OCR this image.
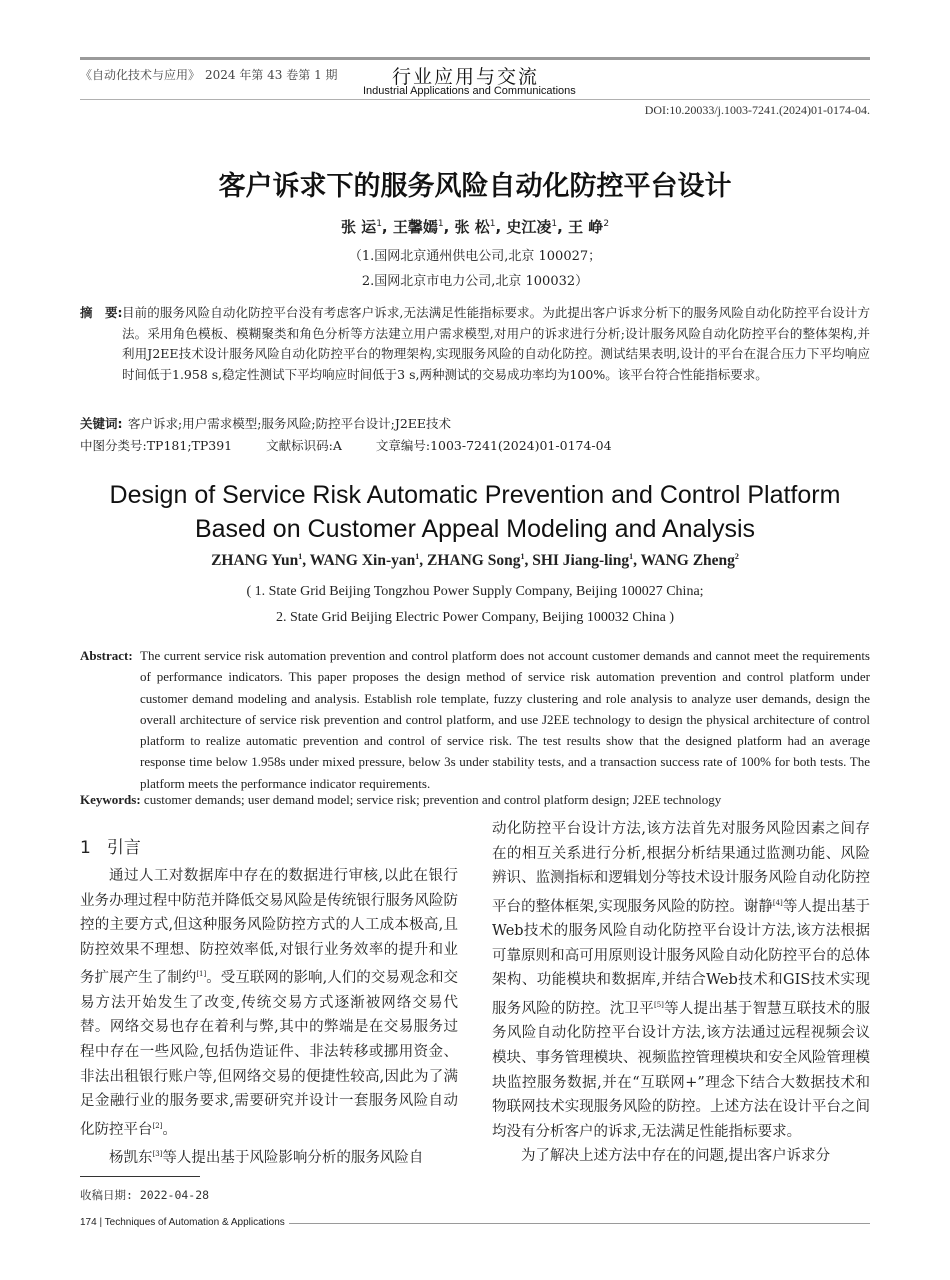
《自动化技术与应用》 2024 年第 43 卷第 1 期	行业应用与交流
Industrial Applications and Communications
DOI:10.20033/j.1003-7241.(2024)01-0174-04.
客户诉求下的服务风险自动化防控平台设计
张 运$^1$, 王馨嫣$^1$, 张 松$^1$, 史江凌$^1$, 王 峥$^2$
（1.国网北京通州供电公司,北京 100027；
2.国网北京市电力公司,北京 100032）
摘　要: 目前的服务风险自动化防控平台没有考虑客户诉求,无法满足性能指标要求。为此提出客户诉求分析下的服务风险自动化防控平台设计方法。采用角色模板、模糊聚类和角色分析等方法建立用户需求模型,对用户的诉求进行分析;设计服务风险自动化防控平台的整体架构,并利用J2EE技术设计服务风险自动化防控平台的物理架构,实现服务风险的自动化防控。测试结果表明,设计的平台在混合压力下平均响应时间低于1.958 s,稳定性测试下平均响应时间低于3 s,两种测试的交易成功率均为100%。该平台符合性能指标要求。
关键词: 客户诉求;用户需求模型;服务风险;防控平台设计;J2EE技术
中图分类号:TP181;TP391	文献标识码:A	文章编号:1003-7241(2024)01-0174-04
Design of Service Risk Automatic Prevention and Control Platform
Based on Customer Appeal Modeling and Analysis
ZHANG Yun$^1$, WANG Xin-yan$^1$, ZHANG Song$^1$, SHI Jiang-ling$^1$, WANG Zheng$^2$
( 1. State Grid Beijing Tongzhou Power Supply Company, Beijing 100027 China;
2. State Grid Beijing Electric Power Company, Beijing 100032 China )
Abstract: The current service risk automation prevention and control platform does not account customer demands and cannot meet the requirements of performance indicators. This paper proposes the design method of service risk automation prevention and control platform under customer demand modeling and analysis. Establish role template, fuzzy clustering and role analysis to analyze user demands, design the overall architecture of service risk prevention and control platform, and use J2EE technology to design the physical architecture of control platform to realize automatic prevention and control of service risk. The test results show that the designed platform had an average response time below 1.958s under mixed pressure, below 3s under stability tests, and a transaction success rate of 100% for both tests. The platform meets the performance indicator requirements.
Keywords: customer demands; user demand model; service risk; prevention and control platform design; J2EE technology
1 引言

通过人工对数据库中存在的数据进行审核,以此在银行业务办理过程中防范并降低交易风险是传统银行服务风险防控的主要方式,但这种服务风险防控方式的人工成本极高,且防控效果不理想、防控效率低,对银行业务效率的提升和业务扩展产生了制约[1]。受互联网的影响,人们的交易观念和交易方法开始发生了改变,传统交易方式逐渐被网络交易代替。网络交易也存在着利与弊,其中的弊端是在交易服务过程中存在一些风险,包括伪造证件、非法转移或挪用资金、非法出租银行账户等,但网络交易的便捷性较高,因此为了满足金融行业的服务要求,需要研究并设计一套服务风险自动化防控平台[2]。

杨凯东[3]等人提出基于风险影响分析的服务风险自

动化防控平台设计方法,该方法首先对服务风险因素之间存在的相互关系进行分析,根据分析结果通过监测功能、风险辨识、监测指标和逻辑划分等技术设计服务风险自动化防控平台的整体框架,实现服务风险的防控。谢静[4]等人提出基于Web技术的服务风险自动化防控平台设计方法,该方法根据可靠原则和高可用原则设计服务风险自动化防控平台的总体架构、功能模块和数据库,并结合Web技术和GIS技术实现服务风险的防控。沈卫平[5]等人提出基于智慧互联技术的服务风险自动化防控平台设计方法,该方法通过远程视频会议模块、事务管理模块、视频监控管理模块和安全风险管理模块监控服务数据,并在“互联网+”理念下结合大数据技术和物联网技术实现服务风险的防控。上述方法在设计平台之间均没有分析客户的诉求,无法满足性能指标要求。

为了解决上述方法中存在的问题,提出客户诉求分

收稿日期: 2022-04-28
174 | Techniques of Automation & Applications
